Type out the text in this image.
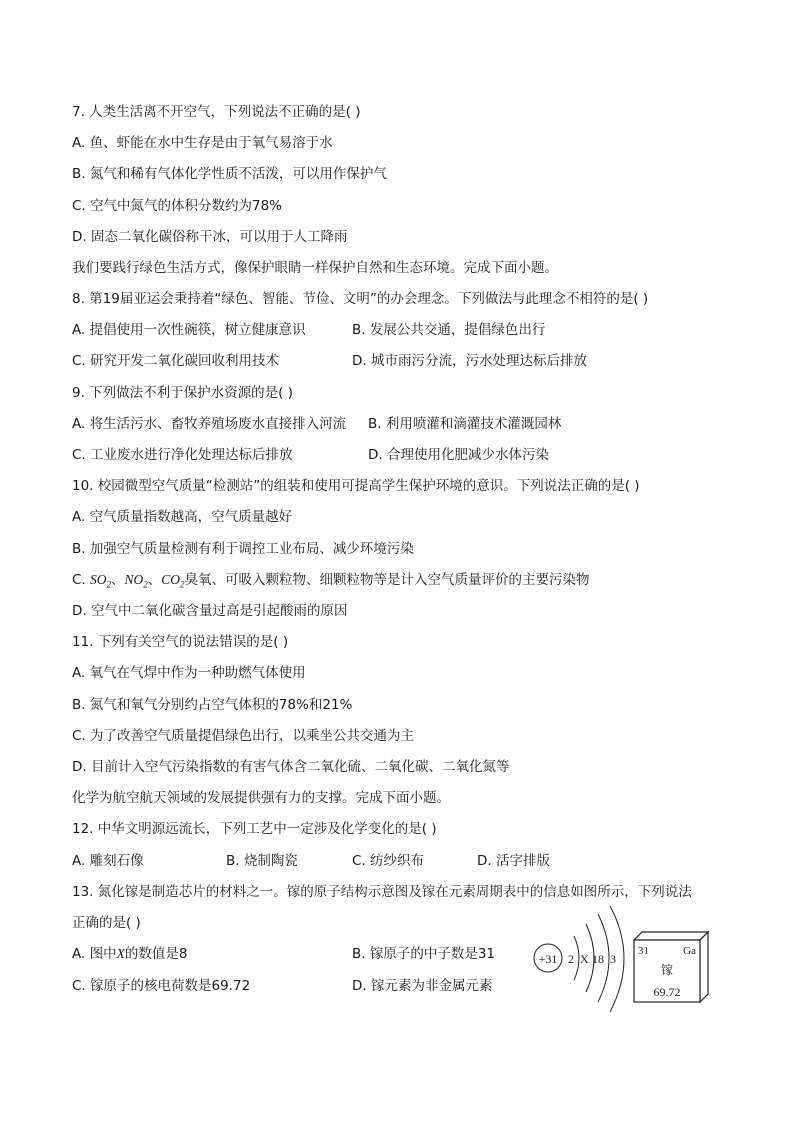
7. 人类生活离不开空气，下列说法不正确的是( )
A. 鱼、虾能在水中生存是由于氧气易溶于水
B. 氮气和稀有气体化学性质不活泼，可以用作保护气
C. 空气中氮气的体积分数约为78%
D. 固态二氧化碳俗称干冰，可以用于人工降雨
我们要践行绿色生活方式，像保护眼睛一样保护自然和生态环境。完成下面小题。
8. 第19届亚运会秉持着“绿色、智能、节俭、文明”的办会理念。下列做法与此理念不相符的是( )
A. 提倡使用一次性碗筷，树立健康意识	B. 发展公共交通，提倡绿色出行
C. 研究开发二氧化碳回收利用技术	D. 城市雨污分流，污水处理达标后排放
9. 下列做法不利于保护水资源的是( )
A. 将生活污水、畜牧养殖场废水直接排入河流 B. 利用喷灌和滴灌技术灌溉园林
C. 工业废水进行净化处理达标后排放	D. 合理使用化肥减少水体污染
10. 校园微型空气质量“检测站”的组装和使用可提高学生保护环境的意识。下列说法正确的是( )
A. 空气质量指数越高，空气质量越好
B. 加强空气质量检测有利于调控工业布局、减少环境污染
C. $SO_2$、$NO_2$、$CO_2$臭氧、可吸入颗粒物、细颗粒物等是计入空气质量评价的主要污染物
D. 空气中二氧化碳含量过高是引起酸雨的原因
11. 下列有关空气的说法错误的是( )
A. 氧气在气焊中作为一种助燃气体使用
B. 氮气和氧气分别约占空气体积的78%和21%
C. 为了改善空气质量提倡绿色出行，以乘坐公共交通为主
D. 目前计入空气污染指数的有害气体含二氧化硫、二氧化碳、二氧化氮等
化学为航空航天领域的发展提供强有力的支撑。完成下面小题。
12. 中华文明源远流长，下列工艺中一定涉及化学变化的是( )
A. 雕刻石像	B. 烧制陶瓷	C. 纺纱织布	D. 活字排版
13. 氮化镓是制造芯片的材料之一。镓的原子结构示意图及镓在元素周期表中的信息如图所示，下列说法
正确的是( )
A. 图中X的数值是8	B. 镓原子的中子数是31
C. 镓原子的核电荷数是69.72	D. 镓元素为非金属元素
+31 2 X 18 3
31	Ga
镓
69.72
